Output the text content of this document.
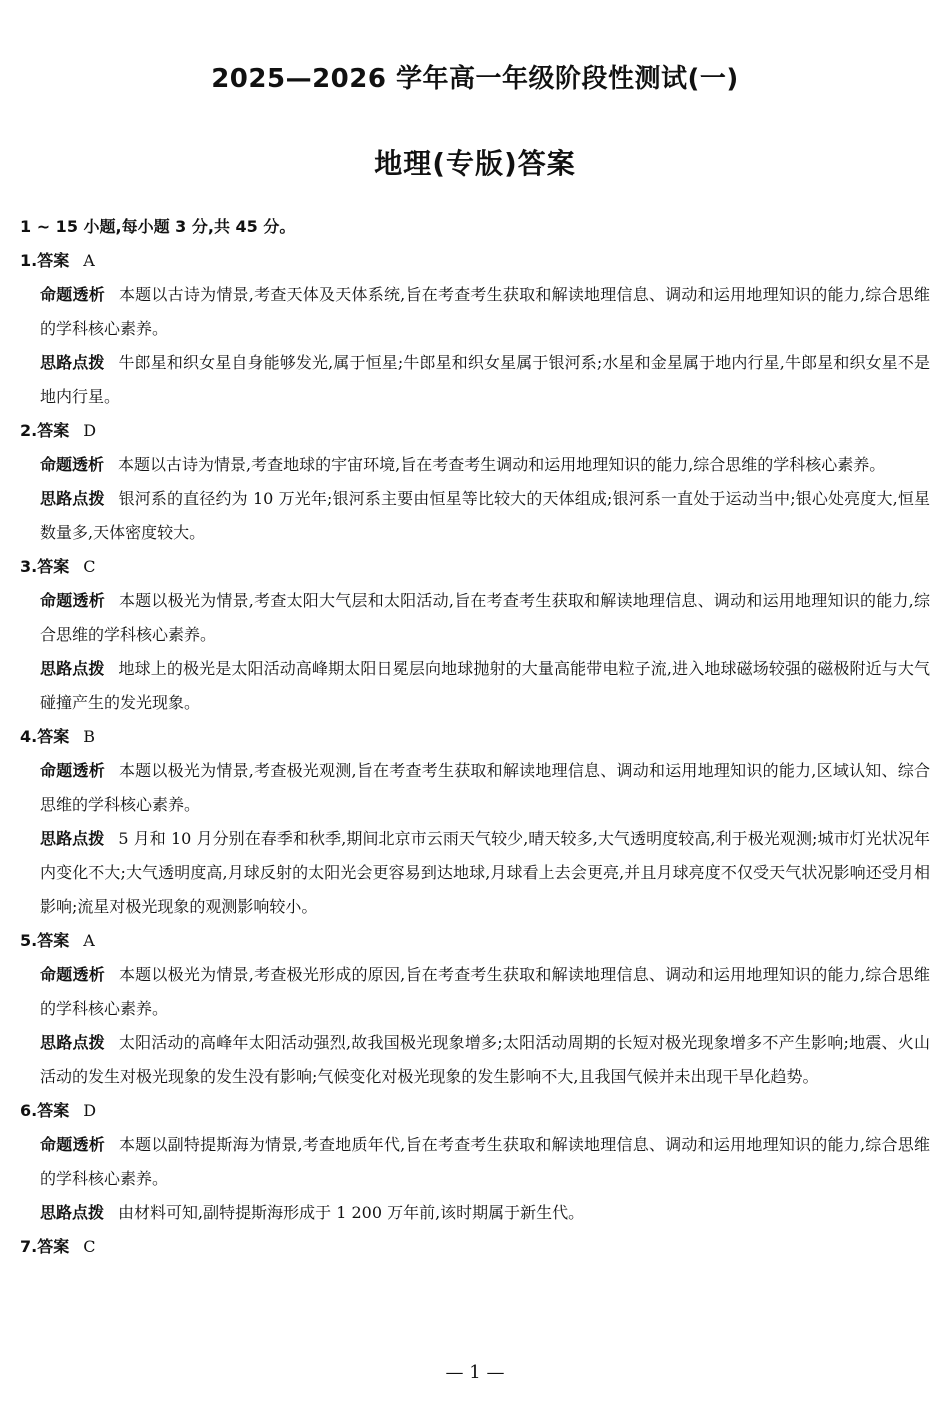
2025—2026 学年高一年级阶段性测试(一)
地理(专版)答案
1 ~ 15 小题,每小题 3 分,共 45 分。
1.答案 A
命题透析 本题以古诗为情景,考查天体及天体系统,旨在考查考生获取和解读地理信息、调动和运用地理知识的能力,综合思维的学科核心素养。
思路点拨 牛郎星和织女星自身能够发光,属于恒星;牛郎星和织女星属于银河系;水星和金星属于地内行星,牛郎星和织女星不是地内行星。
2.答案 D
命题透析 本题以古诗为情景,考查地球的宇宙环境,旨在考查考生调动和运用地理知识的能力,综合思维的学科核心素养。
思路点拨 银河系的直径约为 10 万光年;银河系主要由恒星等比较大的天体组成;银河系一直处于运动当中;银心处亮度大,恒星数量多,天体密度较大。
3.答案 C
命题透析 本题以极光为情景,考查太阳大气层和太阳活动,旨在考查考生获取和解读地理信息、调动和运用地理知识的能力,综合思维的学科核心素养。
思路点拨 地球上的极光是太阳活动高峰期太阳日冕层向地球抛射的大量高能带电粒子流,进入地球磁场较强的磁极附近与大气碰撞产生的发光现象。
4.答案 B
命题透析 本题以极光为情景,考查极光观测,旨在考查考生获取和解读地理信息、调动和运用地理知识的能力,区域认知、综合思维的学科核心素养。
思路点拨 5 月和 10 月分别在春季和秋季,期间北京市云雨天气较少,晴天较多,大气透明度较高,利于极光观测;城市灯光状况年内变化不大;大气透明度高,月球反射的太阳光会更容易到达地球,月球看上去会更亮,并且月球亮度不仅受天气状况影响还受月相影响;流星对极光现象的观测影响较小。
5.答案 A
命题透析 本题以极光为情景,考查极光形成的原因,旨在考查考生获取和解读地理信息、调动和运用地理知识的能力,综合思维的学科核心素养。
思路点拨 太阳活动的高峰年太阳活动强烈,故我国极光现象增多;太阳活动周期的长短对极光现象增多不产生影响;地震、火山活动的发生对极光现象的发生没有影响;气候变化对极光现象的发生影响不大,且我国气候并未出现干旱化趋势。
6.答案 D
命题透析 本题以副特提斯海为情景,考查地质年代,旨在考查考生获取和解读地理信息、调动和运用地理知识的能力,综合思维的学科核心素养。
思路点拨 由材料可知,副特提斯海形成于 1 200 万年前,该时期属于新生代。
7.答案 C
— 1 —
